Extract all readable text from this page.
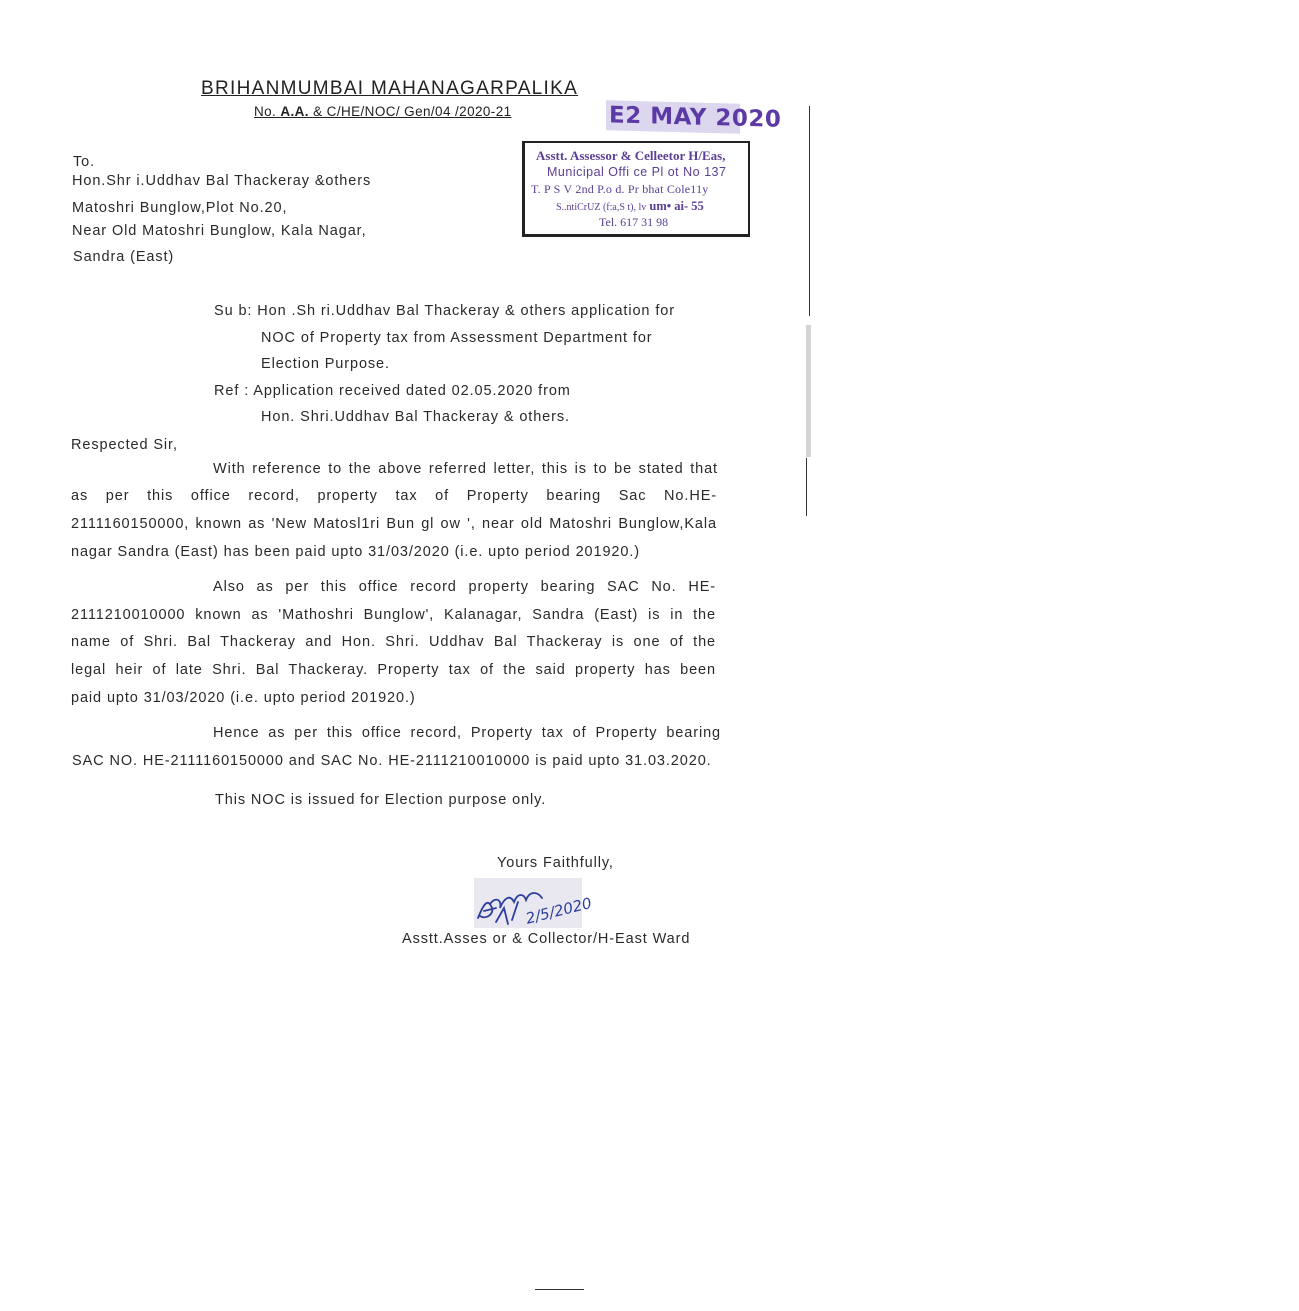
BRIHANMUMBAI MAHANAGARPALIKA
No. A.A. & C/HE/NOC/ Gen/04 /2020-21	E2 MAY 2020
Asstt. Assessor & Celleetor H/Eas,
Municipal Offi ce Pl ot No 137
T. P S V 2nd P.o d. Pr bhat Cole11y
S..ntiCrUZ (f:a,S t), lv um• ai- 55
Tel. 617 31 98
To.
Hon.Shr i.Uddhav Bal Thackeray &others
Matoshri Bunglow,Plot No.20,
Near Old Matoshri Bunglow, Kala Nagar,
Sandra (East)
Su b: Hon .Sh ri.Uddhav Bal Thackeray & others application for
NOC of Property tax from Assessment Department for
Election Purpose.
Ref : Application received dated 02.05.2020 from
Hon. Shri.Uddhav Bal Thackeray & others.
Respected Sir,
With reference to the above referred letter, this is to be stated that
as per this office record, property tax of Property bearing Sac No.HE-
2111160150000, known as 'New Matosl1ri Bun gl ow ', near old Matoshri Bunglow,Kala
nagar Sandra (East) has been paid upto 31/03/2020 (i.e. upto period 201920.)
Also as per this office record property bearing SAC No. HE-
2111210010000 known as 'Mathoshri Bunglow', Kalanagar, Sandra (East) is in the
name of Shri. Bal Thackeray and Hon. Shri. Uddhav Bal Thackeray is one of the
legal heir of late Shri. Bal Thackeray. Property tax of the said property has been
paid upto 31/03/2020 (i.e. upto period 201920.)
Hence as per this office record, Property tax of Property bearing
SAC NO. HE-2111160150000 and SAC No. HE-2111210010000 is paid upto 31.03.2020.
This NOC is issued for Election purpose only.
Yours Faithfully,
2/5/2020
Asstt.Asses or & Collector/H-East Ward
